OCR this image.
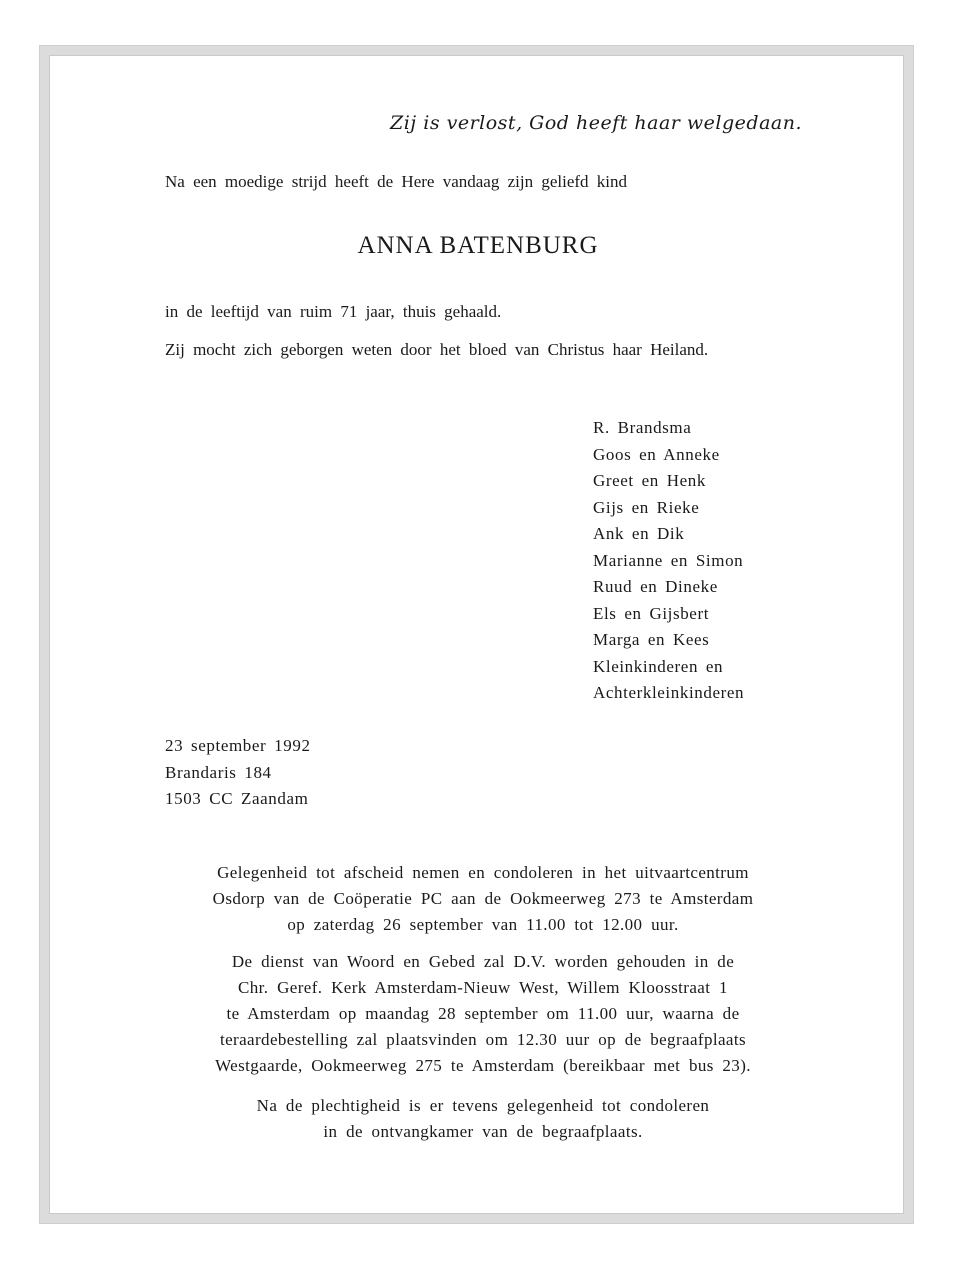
Zij is verlost, God heeft haar welgedaan.
Na een moedige strijd heeft de Here vandaag zijn geliefd kind
ANNA BATENBURG
in de leeftijd van ruim 71 jaar, thuis gehaald.
Zij mocht zich geborgen weten door het bloed van Christus haar Heiland.
R. Brandsma
Goos en Anneke
Greet en Henk
Gijs en Rieke
Ank en Dik
Marianne en Simon
Ruud en Dineke
Els en Gijsbert
Marga en Kees
Kleinkinderen en
Achterkleinkinderen
23 september 1992
Brandaris 184
1503 CC Zaandam
Gelegenheid tot afscheid nemen en condoleren in het uitvaartcentrum
Osdorp van de Coöperatie PC aan de Ookmeerweg 273 te Amsterdam
op zaterdag 26 september van 11.00 tot 12.00 uur.
De dienst van Woord en Gebed zal D.V. worden gehouden in de
Chr. Geref. Kerk Amsterdam-Nieuw West, Willem Kloosstraat 1
te Amsterdam op maandag 28 september om 11.00 uur, waarna de
teraardebestelling zal plaatsvinden om 12.30 uur op de begraafplaats
Westgaarde, Ookmeerweg 275 te Amsterdam (bereikbaar met bus 23).
Na de plechtigheid is er tevens gelegenheid tot condoleren
in de ontvangkamer van de begraafplaats.
